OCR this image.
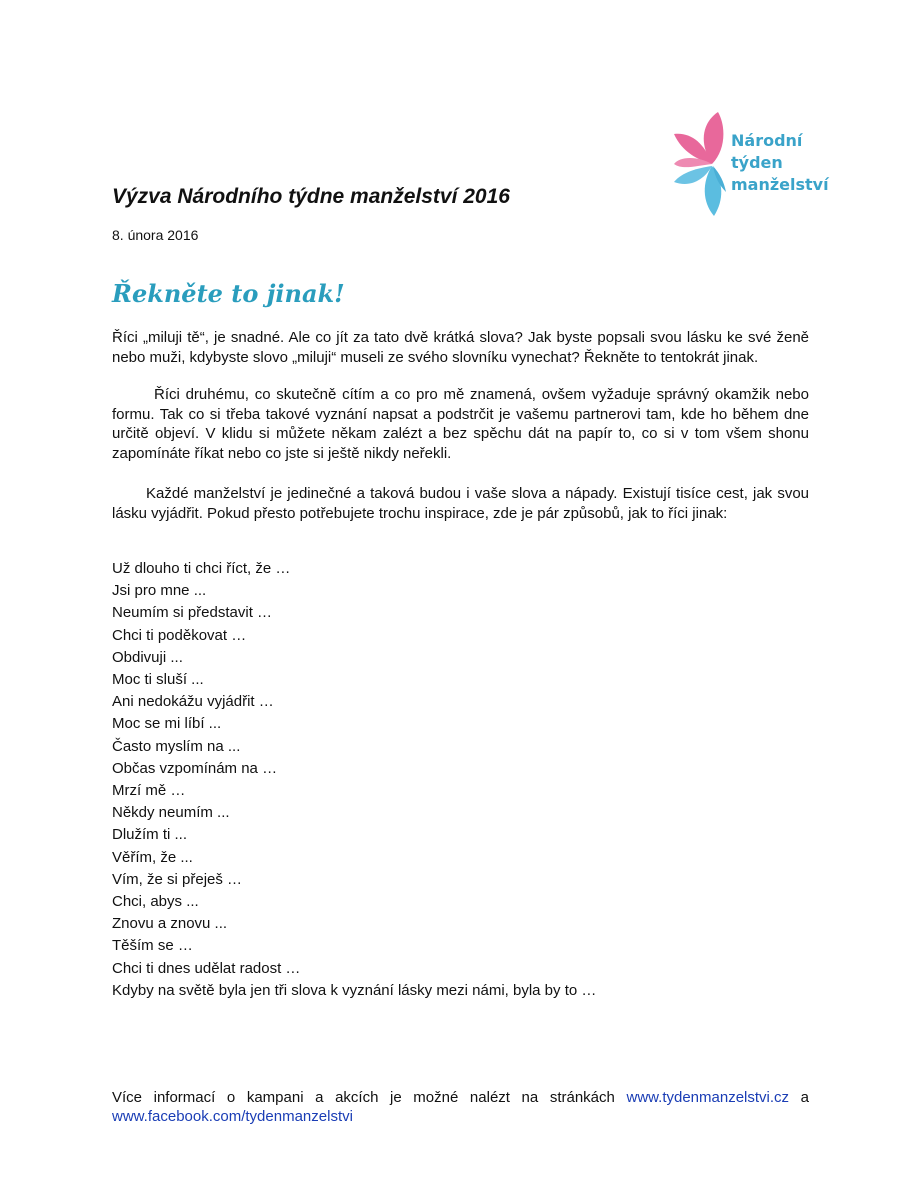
Národní
týden
manželství
Výzva Národního týdne manželství 2016
8. února 2016
Řekněte to jinak!
Říci „miluji tě“, je snadné. Ale co jít za tato dvě krátká slova? Jak byste popsali svou lásku ke své ženě nebo muži, kdybyste slovo „miluji“ museli ze svého slovníku vynechat? Řekněte to tentokrát jinak.
Říci druhému, co skutečně cítím a co pro mě znamená, ovšem vyžaduje správný okamžik nebo formu. Tak co si třeba takové vyznání napsat a podstrčit je vašemu partnerovi tam, kde ho během dne určitě objeví. V klidu si můžete někam zalézt a bez spěchu dát na papír to, co si v tom všem shonu zapomínáte říkat nebo co jste si ještě nikdy neřekli.
Každé manželství je jedinečné a taková budou i vaše slova a nápady. Existují tisíce cest, jak svou lásku vyjádřit. Pokud přesto potřebujete trochu inspirace, zde je pár způsobů, jak to říci jinak:
Už dlouho ti chci říct, že …
Jsi pro mne ...
Neumím si představit …
Chci ti poděkovat …
Obdivuji ...
Moc ti sluší ...
Ani nedokážu vyjádřit …
Moc se mi líbí ...
Často myslím na ...
Občas vzpomínám na …
Mrzí mě …
Někdy neumím ...
Dlužím ti ...
Věřím, že ...
Vím, že si přeješ …
Chci, abys ...
Znovu a znovu ...
Těším se …
Chci ti dnes udělat radost …
Kdyby na světě byla jen tři slova k vyznání lásky mezi námi, byla by to …
Více informací o kampani a akcích je možné nalézt na stránkách www.tydenmanzelstvi.cz a www.facebook.com/tydenmanzelstvi
